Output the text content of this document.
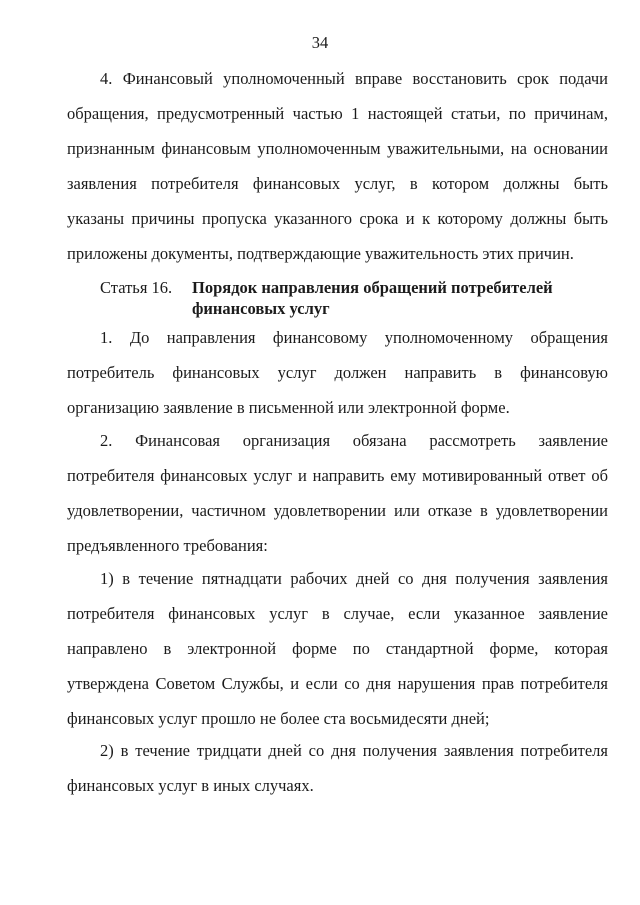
34
4. Финансовый уполномоченный вправе восстановить срок подачи
обращения, предусмотренный частью 1 настоящей статьи, по причинам,
признанным финансовым уполномоченным уважительными, на основании
заявления потребителя финансовых услуг, в котором должны быть
указаны причины пропуска указанного срока и к которому должны быть
приложены документы, подтверждающие уважительность этих причин.
Статья 16.	Порядок направления обращений потребителей
финансовых услуг
1. До направления финансовому уполномоченному обращения
потребитель финансовых услуг должен направить в финансовую
организацию заявление в письменной или электронной форме.
2. Финансовая организация обязана рассмотреть заявление
потребителя финансовых услуг и направить ему мотивированный ответ об
удовлетворении, частичном удовлетворении или отказе в удовлетворении
предъявленного требования:
1) в течение пятнадцати рабочих дней со дня получения заявления
потребителя финансовых услуг в случае, если указанное заявление
направлено в электронной форме по стандартной форме, которая
утверждена Советом Службы, и если со дня нарушения прав потребителя
финансовых услуг прошло не более ста восьмидесяти дней;
2) в течение тридцати дней со дня получения заявления потребителя
финансовых услуг в иных случаях.
